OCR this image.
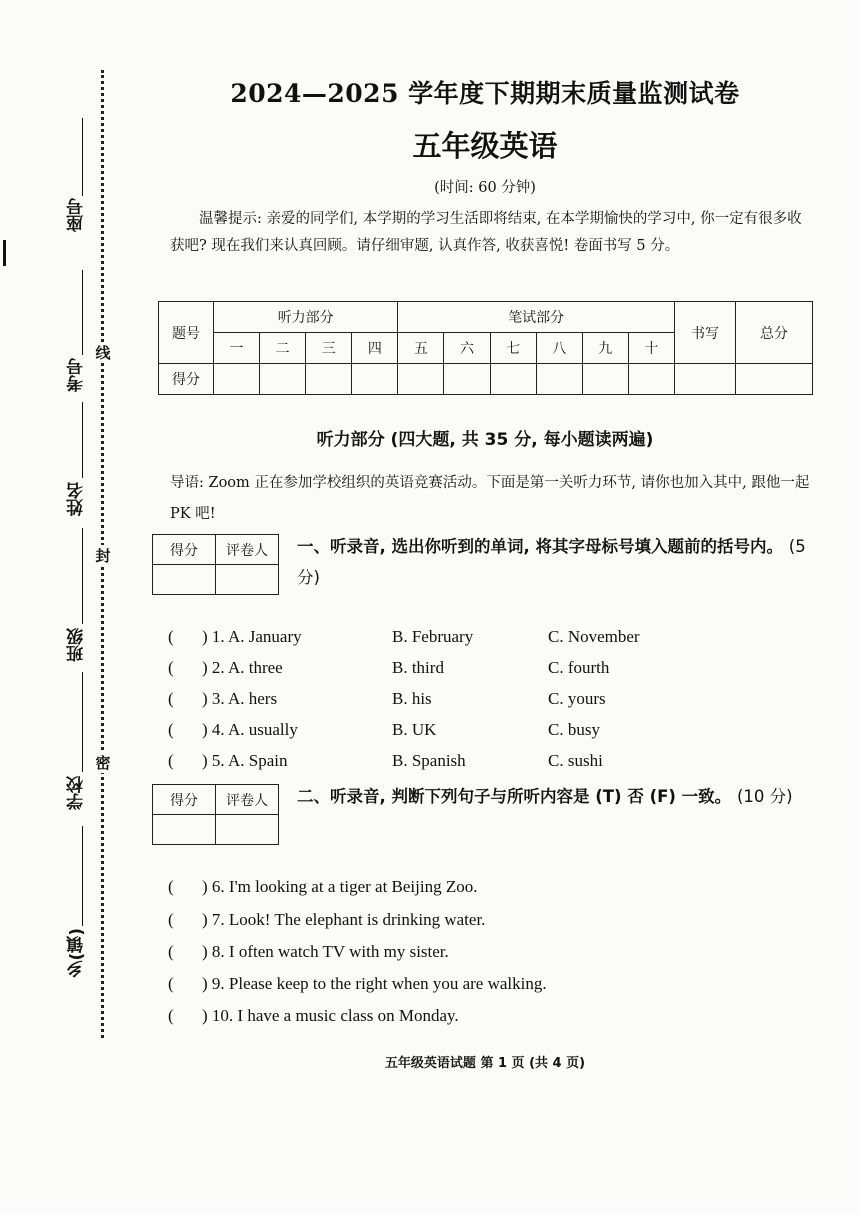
座号
考号
姓名
班级
学校
乡(镇)
线
封
密
2024—2025 学年度下期期末质量监测试卷
五年级英语
(时间: 60 分钟)
温馨提示: 亲爱的同学们, 本学期的学习生活即将结束, 在本学期愉快的学习中, 你一定有很多收获吧? 现在我们来认真回顾。请仔细审题, 认真作答, 收获喜悦! 卷面书写 5 分。
题号	听力部分				笔试部分						书写	总分
	一	二	三	四	五	六	七	八	九	十		
得分												
听力部分 (四大题, 共 35 分, 每小题读两遍)
导语: Zoom 正在参加学校组织的英语竞赛活动。下面是第一关听力环节, 请你也加入其中, 跟他一起 PK 吧!
得分	评卷人
	一、听录音, 选出你听到的单词, 将其字母标号填入题前的括号内。 (5 分)
( ) 1. A. January	B. February	C. November
( ) 2. A. three	B. third	C. fourth
( ) 3. A. hers	B. his	C. yours
( ) 4. A. usually	B. UK	C. busy
( ) 5. A. Spain	B. Spanish	C. sushi
得分	评卷人
	二、听录音, 判断下列句子与所听内容是 (T) 否 (F) 一致。 (10 分)
( ) 6. I'm looking at a tiger at Beijing Zoo.
( ) 7. Look! The elephant is drinking water.
( ) 8. I often watch TV with my sister.
( ) 9. Please keep to the right when you are walking.
( ) 10. I have a music class on Monday.
五年级英语试题 第 1 页 (共 4 页)
